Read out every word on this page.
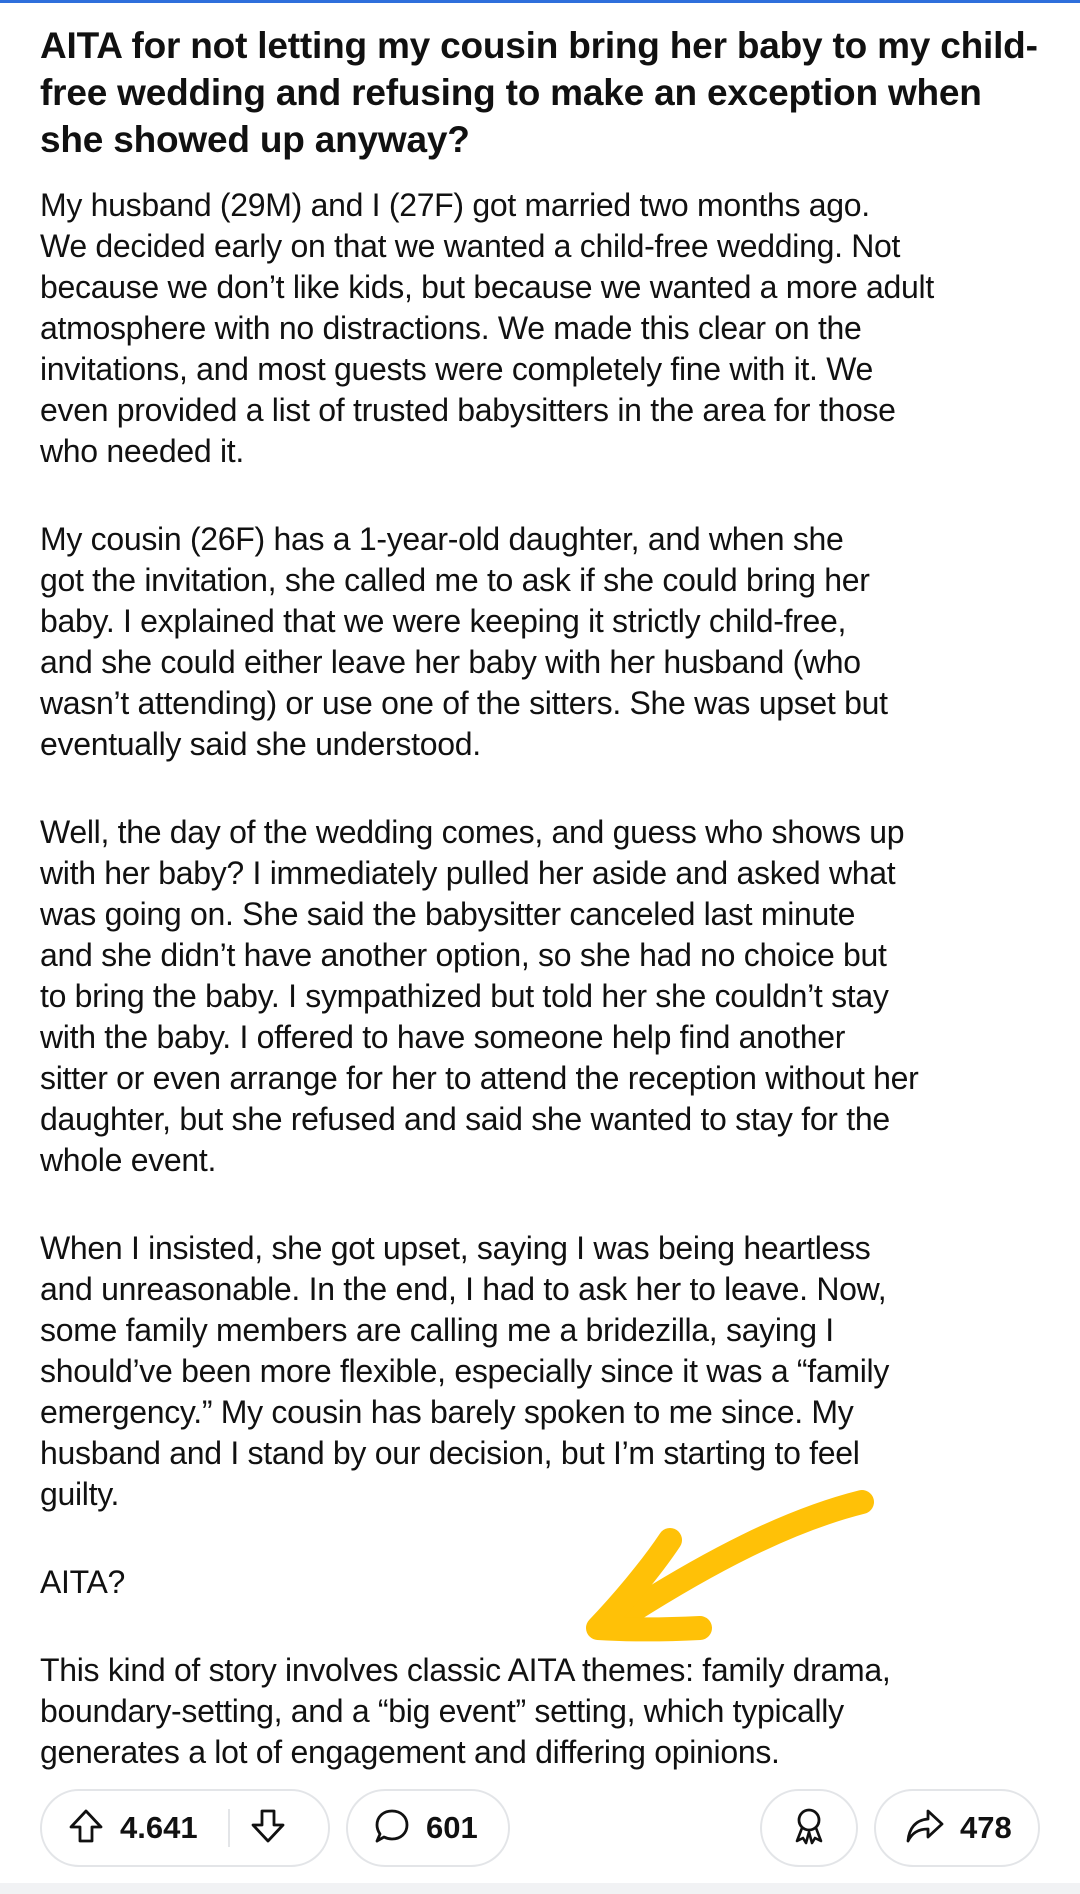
AITA for not letting my cousin bring her baby to my child-free wedding and refusing to make an exception when she showed up anyway?

My husband (29M) and I (27F) got married two months ago.
We decided early on that we wanted a child-free wedding. Not
because we don’t like kids, but because we wanted a more adult
atmosphere with no distractions. We made this clear on the
invitations, and most guests were completely fine with it. We
even provided a list of trusted babysitters in the area for those
who needed it.

My cousin (26F) has a 1-year-old daughter, and when she
got the invitation, she called me to ask if she could bring her
baby. I explained that we were keeping it strictly child-free,
and she could either leave her baby with her husband (who
wasn’t attending) or use one of the sitters. She was upset but
eventually said she understood.

Well, the day of the wedding comes, and guess who shows up
with her baby? I immediately pulled her aside and asked what
was going on. She said the babysitter canceled last minute
and she didn’t have another option, so she had no choice but
to bring the baby. I sympathized but told her she couldn’t stay
with the baby. I offered to have someone help find another
sitter or even arrange for her to attend the reception without her
daughter, but she refused and said she wanted to stay for the
whole event.

When I insisted, she got upset, saying I was being heartless
and unreasonable. In the end, I had to ask her to leave. Now,
some family members are calling me a bridezilla, saying I
should’ve been more flexible, especially since it was a “family
emergency.” My cousin has barely spoken to me since. My
husband and I stand by our decision, but I’m starting to feel
guilty.

AITA?

This kind of story involves classic AITA themes: family drama,
boundary-setting, and a “big event” setting, which typically
generates a lot of engagement and differing opinions.

4.641	601	478
